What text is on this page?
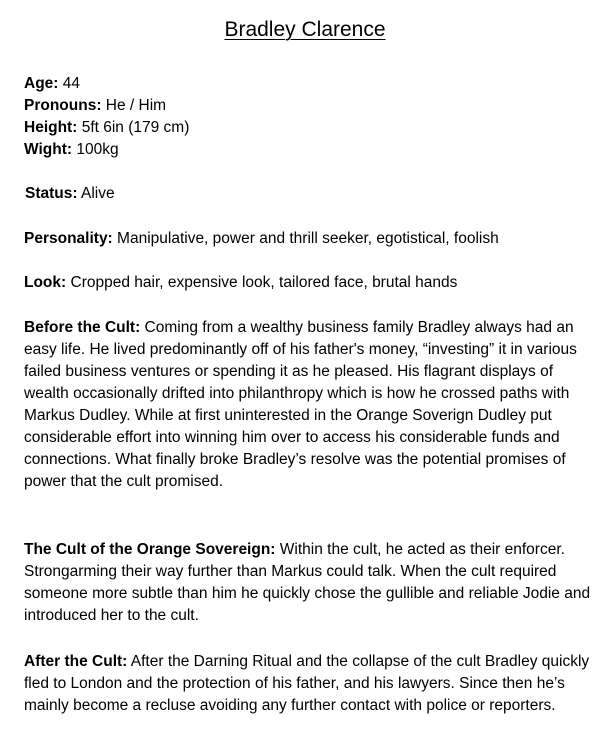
Bradley Clarence

Age: 44

Pronouns: He / Him

Height: 5ft 6in (179 cm)

Wight: 100kg

Status: Alive

Personality: Manipulative, power and thrill seeker, egotistical, foolish

Look: Cropped hair, expensive look, tailored face, brutal hands

Before the Cult: Coming from a wealthy business family Bradley always had an easy life. He lived predominantly off of his father's money, “investing” it in various failed business ventures or spending it as he pleased. His flagrant displays of wealth occasionally drifted into philanthropy which is how he crossed paths with Markus Dudley. While at first uninterested in the Orange Soverign Dudley put considerable effort into winning him over to access his considerable funds and connections. What finally broke Bradley’s resolve was the potential promises of power that the cult promised.

The Cult of the Orange Sovereign: Within the cult, he acted as their enforcer. Strongarming their way further than Markus could talk. When the cult required someone more subtle than him he quickly chose the gullible and reliable Jodie and introduced her to the cult.

After the Cult: After the Darning Ritual and the collapse of the cult Bradley quickly fled to London and the protection of his father, and his lawyers. Since then he’s mainly become a recluse avoiding any further contact with police or reporters.
